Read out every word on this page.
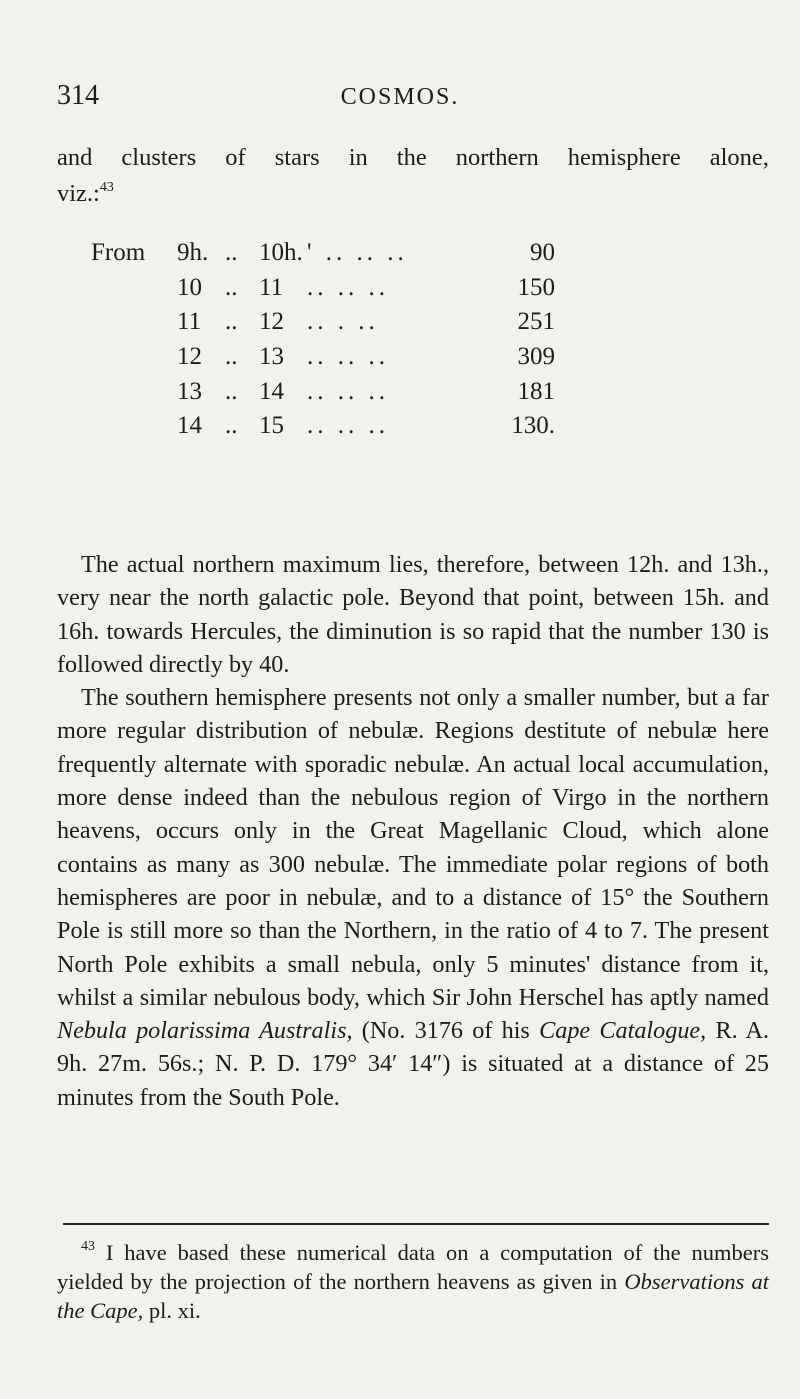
314	COSMOS.
and clusters of stars in the northern hemisphere alone,
viz.:$^{43}$
From	9h.	..	10h.	' .. .. ..	90
	10	..	11	.. .. ..	150
	11	..	12	.. . ..	251
	12	..	13	.. .. ..	309
	13	..	14	.. .. ..	181
	14	..	15	.. .. ..	130.

The actual northern maximum lies, therefore, between 12h. and 13h., very near the north galactic pole. Beyond that point, between 15h. and 16h. towards Hercules, the diminution is so rapid that the number 130 is followed directly by 40.

The southern hemisphere presents not only a smaller number, but a far more regular distribution of nebulæ. Regions destitute of nebulæ here frequently alternate with sporadic nebulæ. An actual local accumulation, more dense indeed than the nebulous region of Virgo in the northern heavens, occurs only in the Great Magellanic Cloud, which alone contains as many as 300 nebulæ. The immediate polar regions of both hemispheres are poor in nebulæ, and to a distance of 15° the Southern Pole is still more so than the Northern, in the ratio of 4 to 7. The present North Pole exhibits a small nebula, only 5 minutes' distance from it, whilst a similar nebulous body, which Sir John Herschel has aptly named Nebula polarissima Australis, (No. 3176 of his Cape Catalogue, R. A. 9h. 27m. 56s.; N. P. D. 179° 34′ 14″) is situated at a distance of 25 minutes from the South Pole.

$^{43}$ I have based these numerical data on a computation of the numbers yielded by the projection of the northern heavens as given in Observations at the Cape, pl. xi.
